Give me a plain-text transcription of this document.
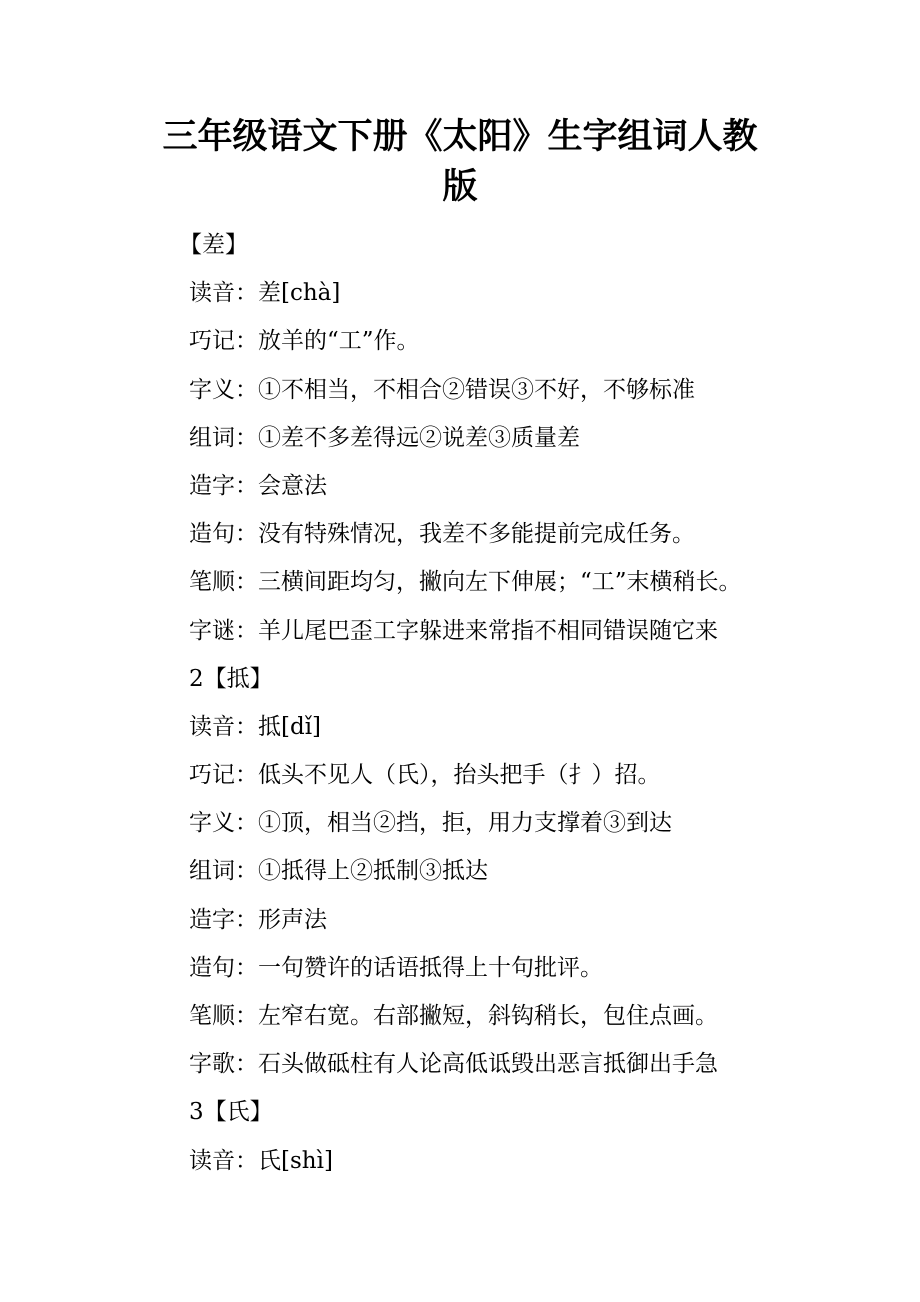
三年级语文下册《太阳》生字组词人教
版
【差】
读音：差[chà]
巧记：放羊的“工”作。
字义：①不相当，不相合②错误③不好，不够标准
组词：①差不多差得远②说差③质量差
造字：会意法
造句：没有特殊情况，我差不多能提前完成任务。
笔顺：三横间距均匀，撇向左下伸展；“工”末横稍长。
字谜：羊儿尾巴歪工字躲进来常指不相同错误随它来
2【抵】
读音：抵[dǐ]
巧记：低头不见人（氏），抬头把手（扌）招。
字义：①顶，相当②挡，拒，用力支撑着③到达
组词：①抵得上②抵制③抵达
造字：形声法
造句：一句赞许的话语抵得上十句批评。
笔顺：左窄右宽。右部撇短，斜钩稍长，包住点画。
字歌：石头做砥柱有人论高低诋毁出恶言抵御出手急
3【氏】
读音：氏[shì]
